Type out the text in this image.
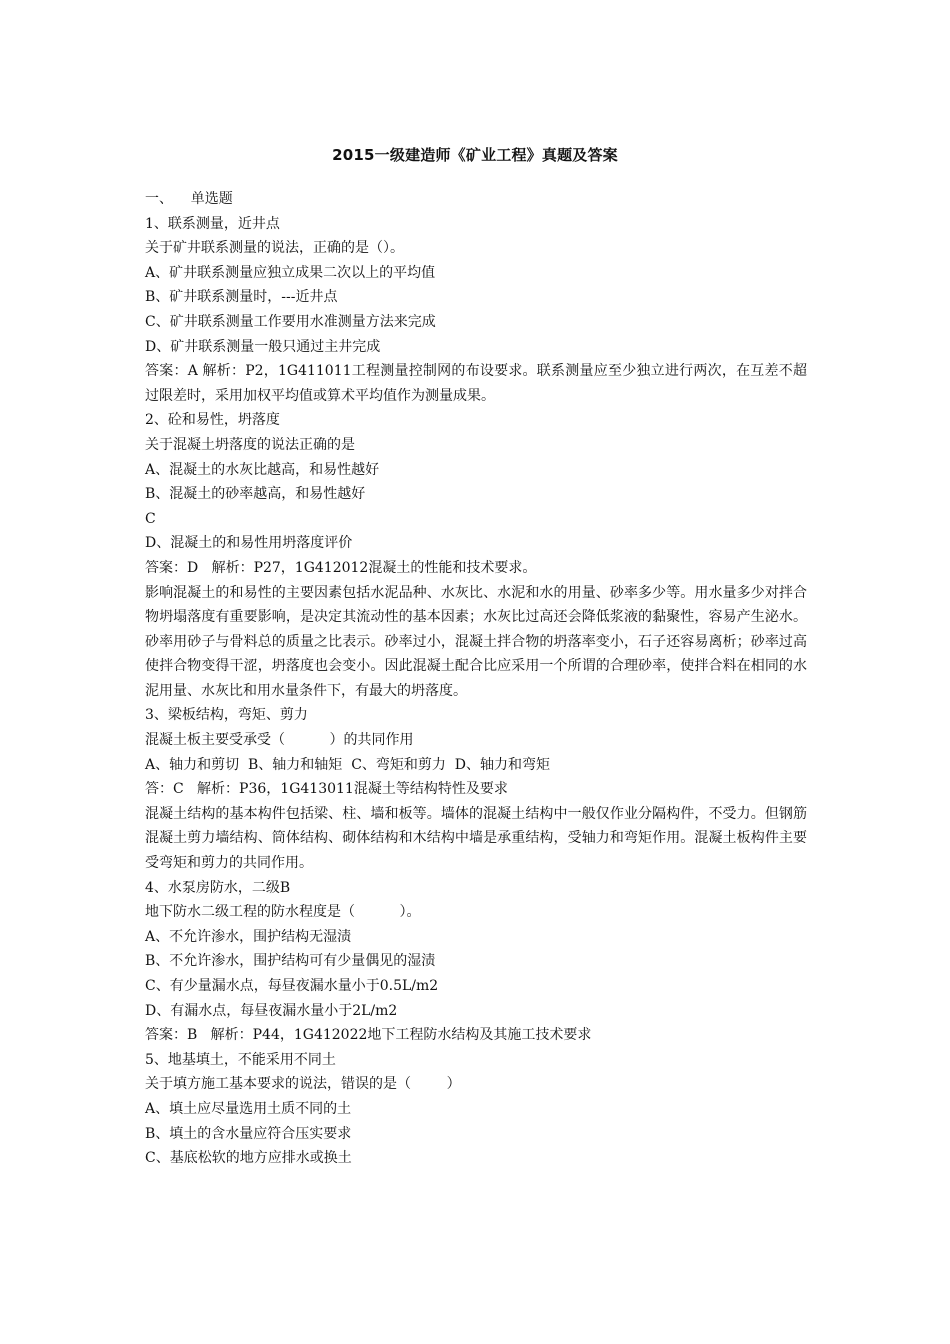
2015一级建造师《矿业工程》真题及答案
一、    单选题
1、联系测量，近井点
关于矿井联系测量的说法，正确的是（）。
A、矿井联系测量应独立成果二次以上的平均值
B、矿井联系测量时，---近井点
C、矿井联系测量工作要用水准测量方法来完成
D、矿井联系测量一般只通过主井完成
答案：A 解析：P2，1G411011工程测量控制网的布设要求。联系测量应至少独立进行两次，在互差不超过限差时，采用加权平均值或算术平均值作为测量成果。
2、砼和易性，坍落度
关于混凝土坍落度的说法正确的是
A、混凝土的水灰比越高，和易性越好
B、混凝土的砂率越高，和易性越好
C
D、混凝土的和易性用坍落度评价
答案：D   解析：P27，1G412012混凝土的性能和技术要求。
影响混凝土的和易性的主要因素包括水泥品种、水灰比、水泥和水的用量、砂率多少等。用水量多少对拌合物坍塌落度有重要影响，是决定其流动性的基本因素；水灰比过高还会降低浆液的黏聚性，容易产生泌水。砂率用砂子与骨料总的质量之比表示。砂率过小，混凝土拌合物的坍落率变小，石子还容易离析；砂率过高使拌合物变得干涩，坍落度也会变小。因此混凝土配合比应采用一个所谓的合理砂率，使拌合料在相同的水泥用量、水灰比和用水量条件下，有最大的坍落度。
3、梁板结构，弯矩、剪力
混凝土板主要受承受（          ）的共同作用
A、轴力和剪切  B、轴力和轴矩  C、弯矩和剪力  D、轴力和弯矩
答：C   解析：P36，1G413011混凝土等结构特性及要求
混凝土结构的基本构件包括梁、柱、墙和板等。墙体的混凝土结构中一般仅作业分隔构件，不受力。但钢筋混凝土剪力墙结构、筒体结构、砌体结构和木结构中墙是承重结构，受轴力和弯矩作用。混凝土板构件主要受弯矩和剪力的共同作用。
4、水泵房防水，二级B
地下防水二级工程的防水程度是（          ）。
A、不允许渗水，围护结构无湿渍
B、不允许渗水，围护结构可有少量偶见的湿渍
C、有少量漏水点，每昼夜漏水量小于0.5L/m2
D、有漏水点，每昼夜漏水量小于2L/m2
答案：B   解析：P44，1G412022地下工程防水结构及其施工技术要求
5、地基填土，不能采用不同土
关于填方施工基本要求的说法，错误的是（        ）
A、填土应尽量选用土质不同的土
B、填土的含水量应符合压实要求
C、基底松软的地方应排水或换土
